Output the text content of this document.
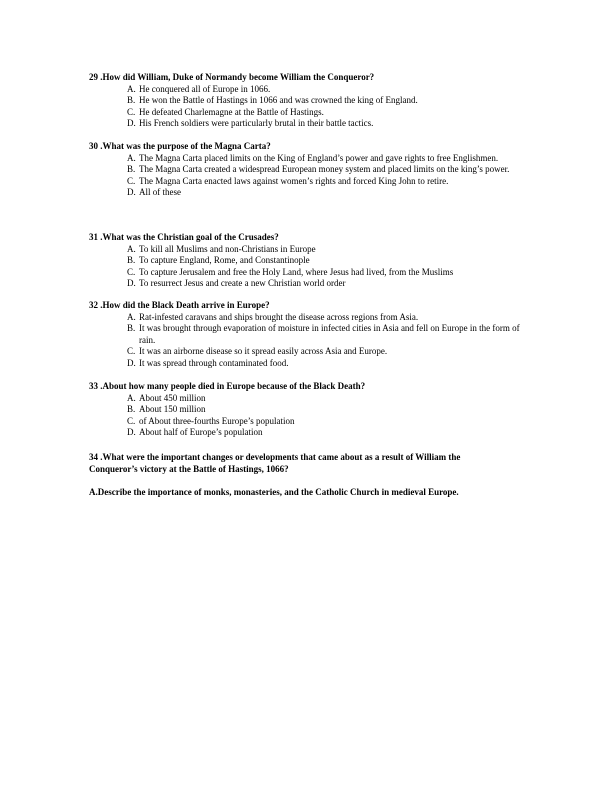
29 .How did William, Duke of Normandy become William the Conqueror?
A. He conquered all of Europe in 1066.
B. He won the Battle of Hastings in 1066 and was crowned the king of England.
C. He defeated Charlemagne at the Battle of Hastings.
D. His French soldiers were particularly brutal in their battle tactics.
30 .What was the purpose of the Magna Carta?
A. The Magna Carta placed limits on the King of England’s power and gave rights to free Englishmen.
B. The Magna Carta created a widespread European money system and placed limits on the king’s power.
C. The Magna Carta enacted laws against women’s rights and forced King John to retire.
D. All of these
31 .What was the Christian goal of the Crusades?
A. To kill all Muslims and non-Christians in Europe
B. To capture England, Rome, and Constantinople
C. To capture Jerusalem and free the Holy Land, where Jesus had lived, from the Muslims
D. To resurrect Jesus and create a new Christian world order
32 .How did the Black Death arrive in Europe?
A. Rat-infested caravans and ships brought the disease across regions from Asia.
B. It was brought through evaporation of moisture in infected cities in Asia and fell on Europe in the form of rain.
C. It was an airborne disease so it spread easily across Asia and Europe.
D. It was spread through contaminated food.
33 .About how many people died in Europe because of the Black Death?
A. About 450 million
B. About 150 million
C. of About three-fourths Europe’s population
D. About half of Europe’s population
34 .What were the important changes or developments that came about as a result of William the
Conqueror’s victory at the Battle of Hastings, 1066?
A.Describe the importance of monks, monasteries, and the Catholic Church in medieval Europe.
